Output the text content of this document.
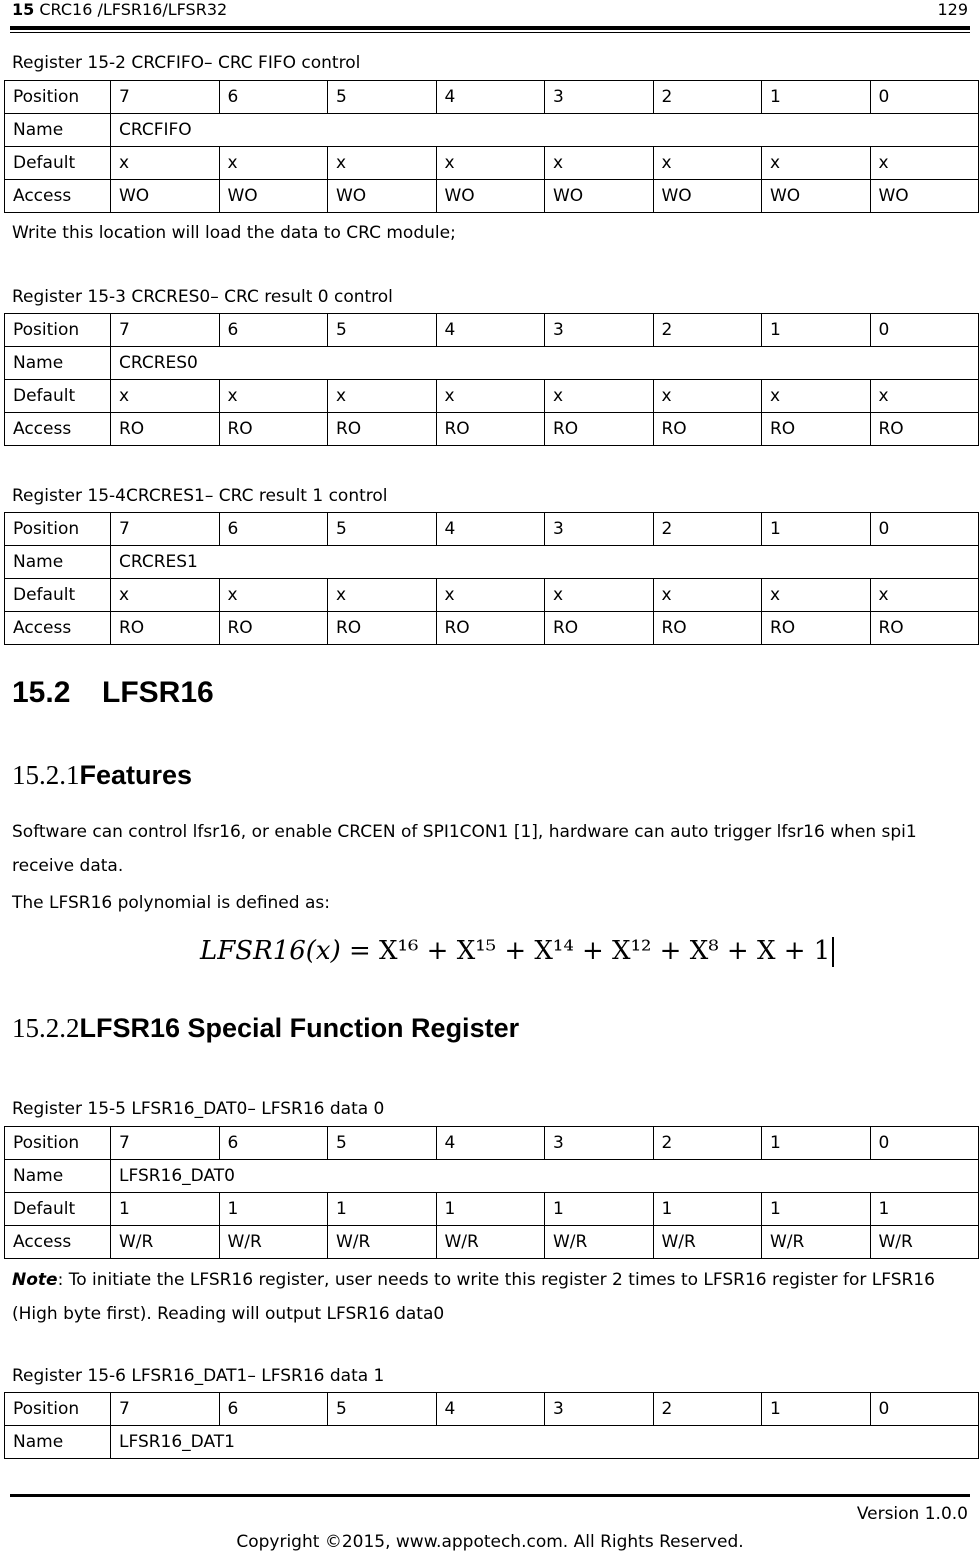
15 CRC16 /LFSR16/LFSR32	129
Register 15-2 CRCFIFO– CRC FIFO control
Position	7	6	5	4	3	2	1	0
Name	CRCFIFO							
Default	x	x	x	x	x	x	x	x
Access	WO	WO	WO	WO	WO	WO	WO	WO
Write this location will load the data to CRC module;
Register 15-3 CRCRES0– CRC result 0 control
Position	7	6	5	4	3	2	1	0
Name	CRCRES0							
Default	x	x	x	x	x	x	x	x
Access	RO	RO	RO	RO	RO	RO	RO	RO
Register 15-4CRCRES1– CRC result 1 control
Position	7	6	5	4	3	2	1	0
Name	CRCRES1							
Default	x	x	x	x	x	x	x	x
Access	RO	RO	RO	RO	RO	RO	RO	RO
15.2 LFSR16
15.2.1Features
Software can control lfsr16, or enable CRCEN of SPI1CON1 [1], hardware can auto trigger lfsr16 when spi1 receive data.
The LFSR16 polynomial is defined as:
LFSR16(x) = X¹⁶ + X¹⁵ + X¹⁴ + X¹² + X⁸ + X + 1
15.2.2LFSR16 Special Function Register
Register 15-5 LFSR16_DAT0– LFSR16 data 0
Position	7	6	5	4	3	2	1	0
Name	LFSR16_DAT0							
Default	1	1	1	1	1	1	1	1
Access	W/R	W/R	W/R	W/R	W/R	W/R	W/R	W/R
Note: To initiate the LFSR16 register, user needs to write this register 2 times to LFSR16 register for LFSR16 (High byte first). Reading will output LFSR16 data0
Register 15-6 LFSR16_DAT1– LFSR16 data 1
Position	7	6	5	4	3	2	1	0
Name	LFSR16_DAT1							
Version 1.0.0
Copyright ©2015, www.appotech.com. All Rights Reserved.
